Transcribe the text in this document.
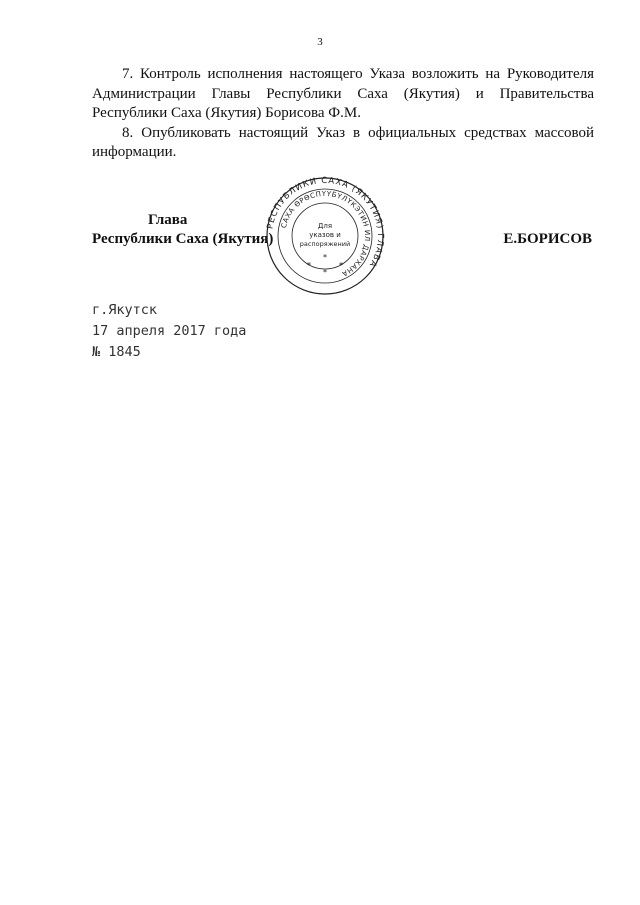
3

7. Контроль исполнения настоящего Указа возложить на Руководителя Администрации Главы Республики Саха (Якутия) и Правительства Республики Саха (Якутия) Борисова Ф.М.

8. Опубликовать настоящий Указ в официальных средствах массовой информации.

Глава
Республики Саха (Якутия)	Е.БОРИСОВ
РЕСПУБЛИКИ САХА (ЯКУТИЯ) ГЛАВА
САХА ӨРӨСПҮҮБҮЛҮКЭТИН ИЛ ДАРХАНА
Для
указов и
распоряжений
*
*
*
*
г.Якутск
17 апреля 2017 года
№ 1845
